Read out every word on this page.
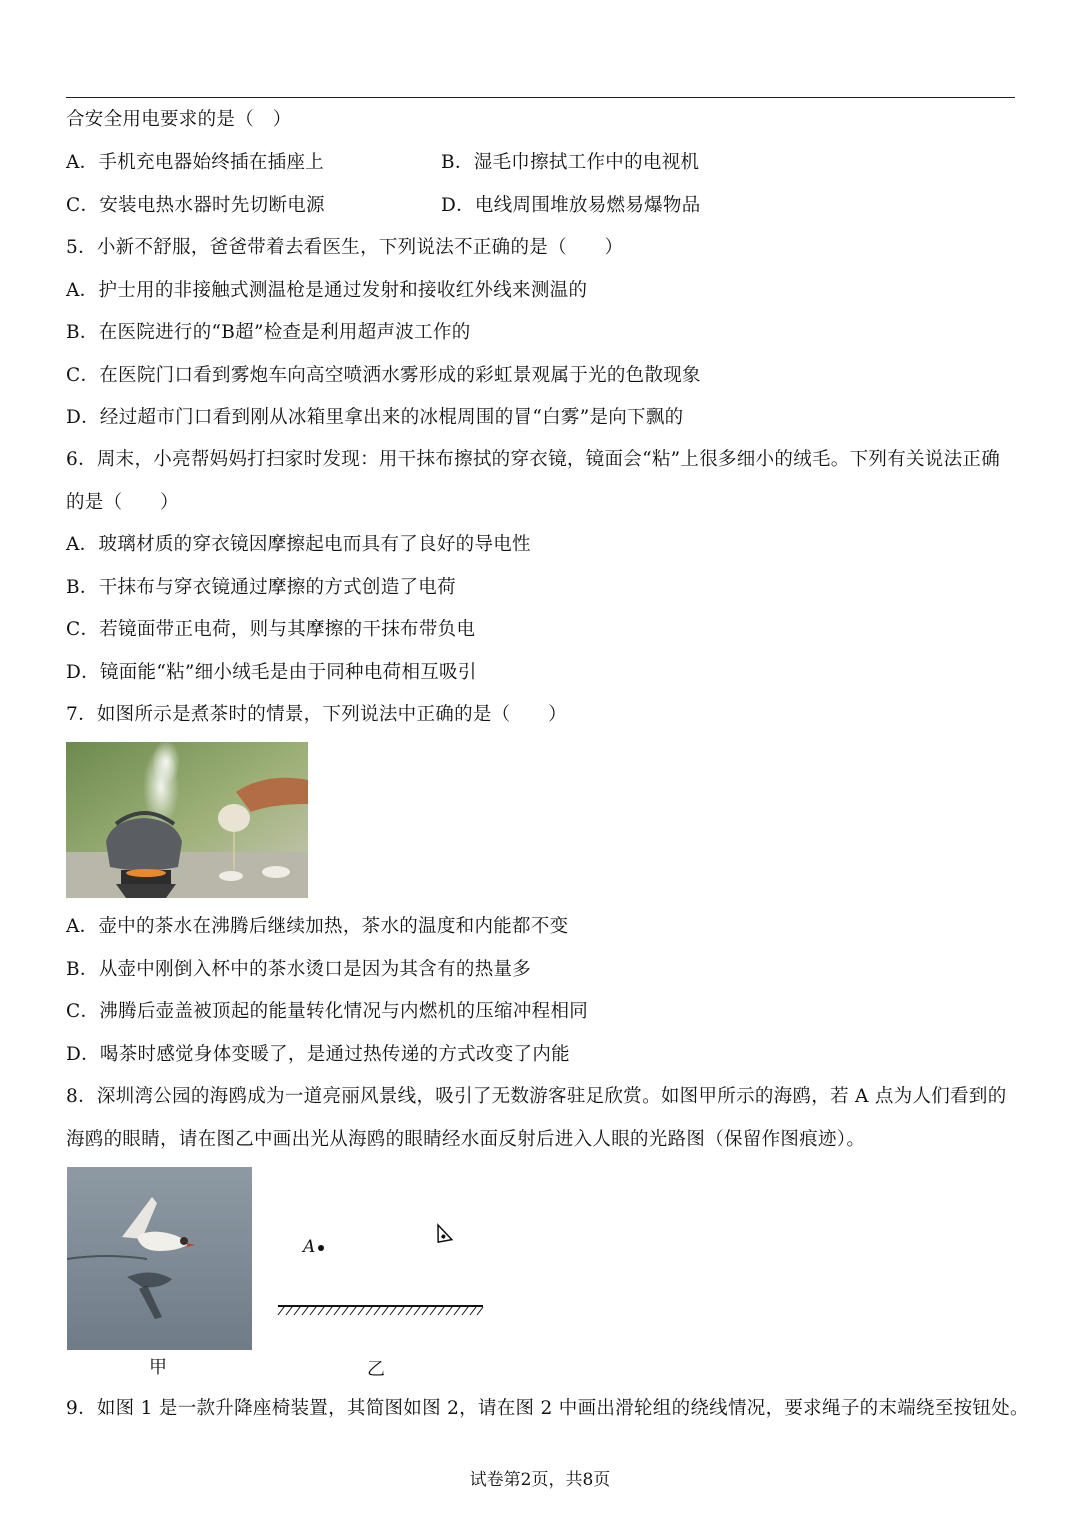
合安全用电要求的是（　）
A．手机充电器始终插在插座上	B．湿毛巾擦拭工作中的电视机
C．安装电热水器时先切断电源	D．电线周围堆放易燃易爆物品
5．小新不舒服，爸爸带着去看医生，下列说法不正确的是（　　）
A．护士用的非接触式测温枪是通过发射和接收红外线来测温的
B．在医院进行的“B超”检查是利用超声波工作的
C．在医院门口看到雾炮车向高空喷洒水雾形成的彩虹景观属于光的色散现象
D．经过超市门口看到刚从冰箱里拿出来的冰棍周围的冒“白雾”是向下飘的
6．周末，小亮帮妈妈打扫家时发现：用干抹布擦拭的穿衣镜，镜面会“粘”上很多细小的绒毛。下列有关说法正确
的是（　　）
A．玻璃材质的穿衣镜因摩擦起电而具有了良好的导电性
B．干抹布与穿衣镜通过摩擦的方式创造了电荷
C．若镜面带正电荷，则与其摩擦的干抹布带负电
D．镜面能“粘”细小绒毛是由于同种电荷相互吸引
7．如图所示是煮茶时的情景，下列说法中正确的是（　　）
A．壶中的茶水在沸腾后继续加热，茶水的温度和内能都不变
B．从壶中刚倒入杯中的茶水烫口是因为其含有的热量多
C．沸腾后壶盖被顶起的能量转化情况与内燃机的压缩冲程相同
D．喝茶时感觉身体变暖了，是通过热传递的方式改变了内能
8．深圳湾公园的海鸥成为一道亮丽风景线，吸引了无数游客驻足欣赏。如图甲所示的海鸥，若 A 点为人们看到的
海鸥的眼睛，请在图乙中画出光从海鸥的眼睛经水面反射后进入人眼的光路图（保留作图痕迹）。
A
甲	乙
9．如图 1 是一款升降座椅装置，其简图如图 2，请在图 2 中画出滑轮组的绕线情况，要求绳子的末端绕至按钮处。
试卷第2页，共8页
